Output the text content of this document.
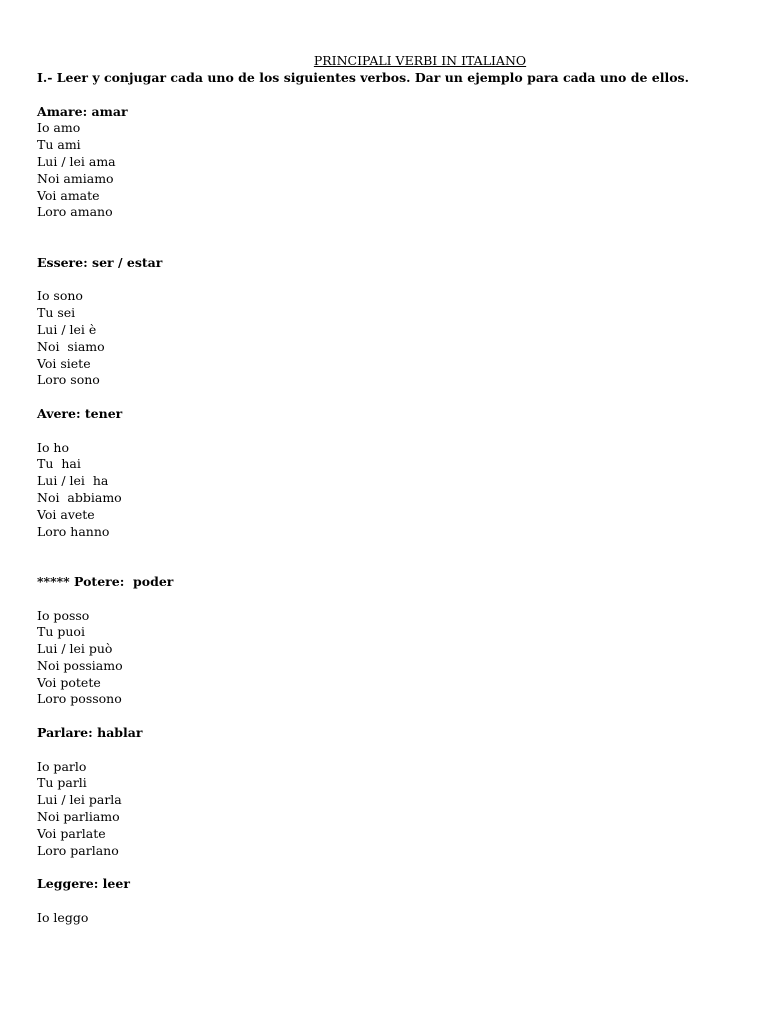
PRINCIPALI VERBI IN ITALIANO
I.- Leer y conjugar cada uno de los siguientes verbos. Dar un ejemplo para cada uno de ellos.
Amare: amar
Io amo
Tu ami
Lui / lei ama
Noi amiamo
Voi amate
Loro amano
Essere: ser / estar
Io sono
Tu sei
Lui / lei è
Noi  siamo
Voi siete
Loro sono
Avere: tener
Io ho
Tu  hai
Lui / lei  ha
Noi  abbiamo
Voi avete
Loro hanno
***** Potere:  poder
Io posso
Tu puoi
Lui / lei può
Noi possiamo
Voi potete
Loro possono
Parlare: hablar
Io parlo
Tu parli
Lui / lei parla
Noi parliamo
Voi parlate
Loro parlano
Leggere: leer
Io leggo
